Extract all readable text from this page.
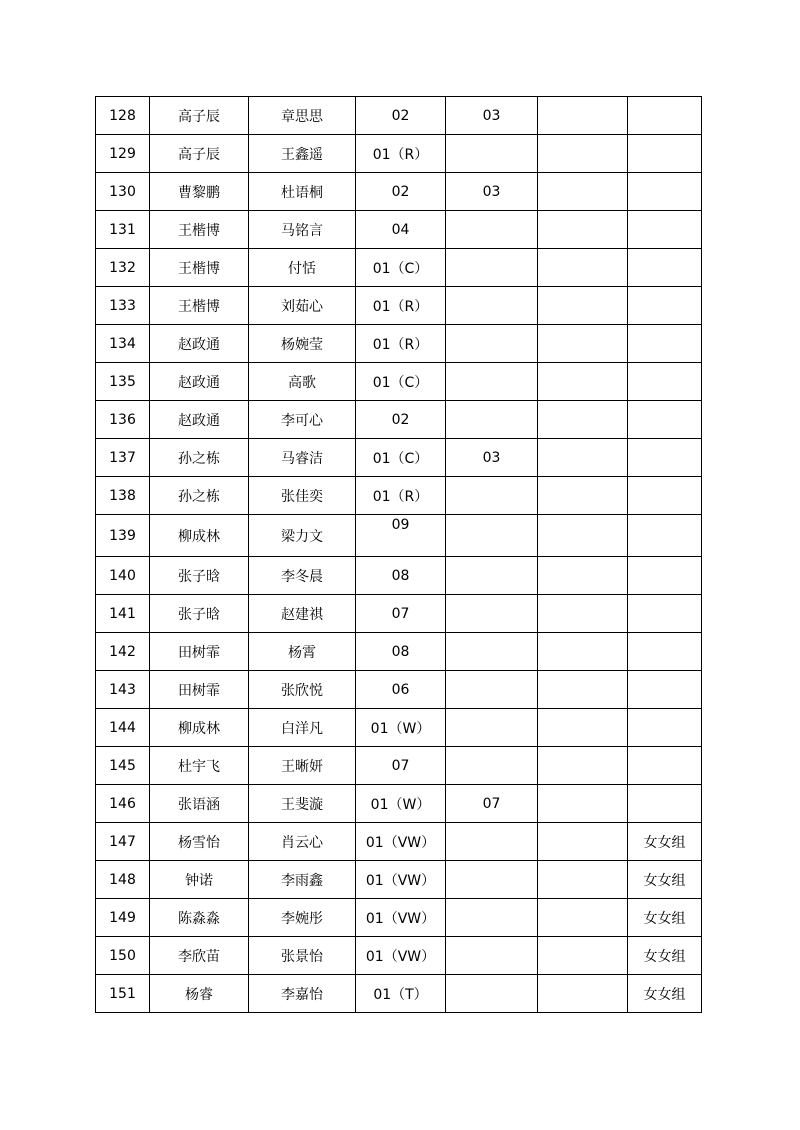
128	高子辰	章思思	02	03		
129	高子辰	王鑫遥	01（R）			
130	曹黎鹏	杜语桐	02	03		
131	王楷博	马铭言	04			
132	王楷博	付恬	01（C）			
133	王楷博	刘茹心	01（R）			
134	赵政通	杨婉莹	01（R）			
135	赵政通	高歌	01（C）			
136	赵政通	李可心	02			
137	孙之栋	马睿洁	01（C）	03		
138	孙之栋	张佳奕	01（R）			
139	柳成林	梁力文	09			
140	张子晗	李冬晨	08			
141	张子晗	赵建祺	07			
142	田树霏	杨霄	08			
143	田树霏	张欣悦	06			
144	柳成林	白洋凡	01（W）			
145	杜宇飞	王晰妍	07			
146	张语涵	王斐漩	01（W）	07		
147	杨雪怡	肖云心	01（VW）			女女组
148	钟诺	李雨鑫	01（VW）			女女组
149	陈淼淼	李婉彤	01（VW）			女女组
150	李欣苗	张景怡	01（VW）			女女组
151	杨睿	李嘉怡	01（T）			女女组
